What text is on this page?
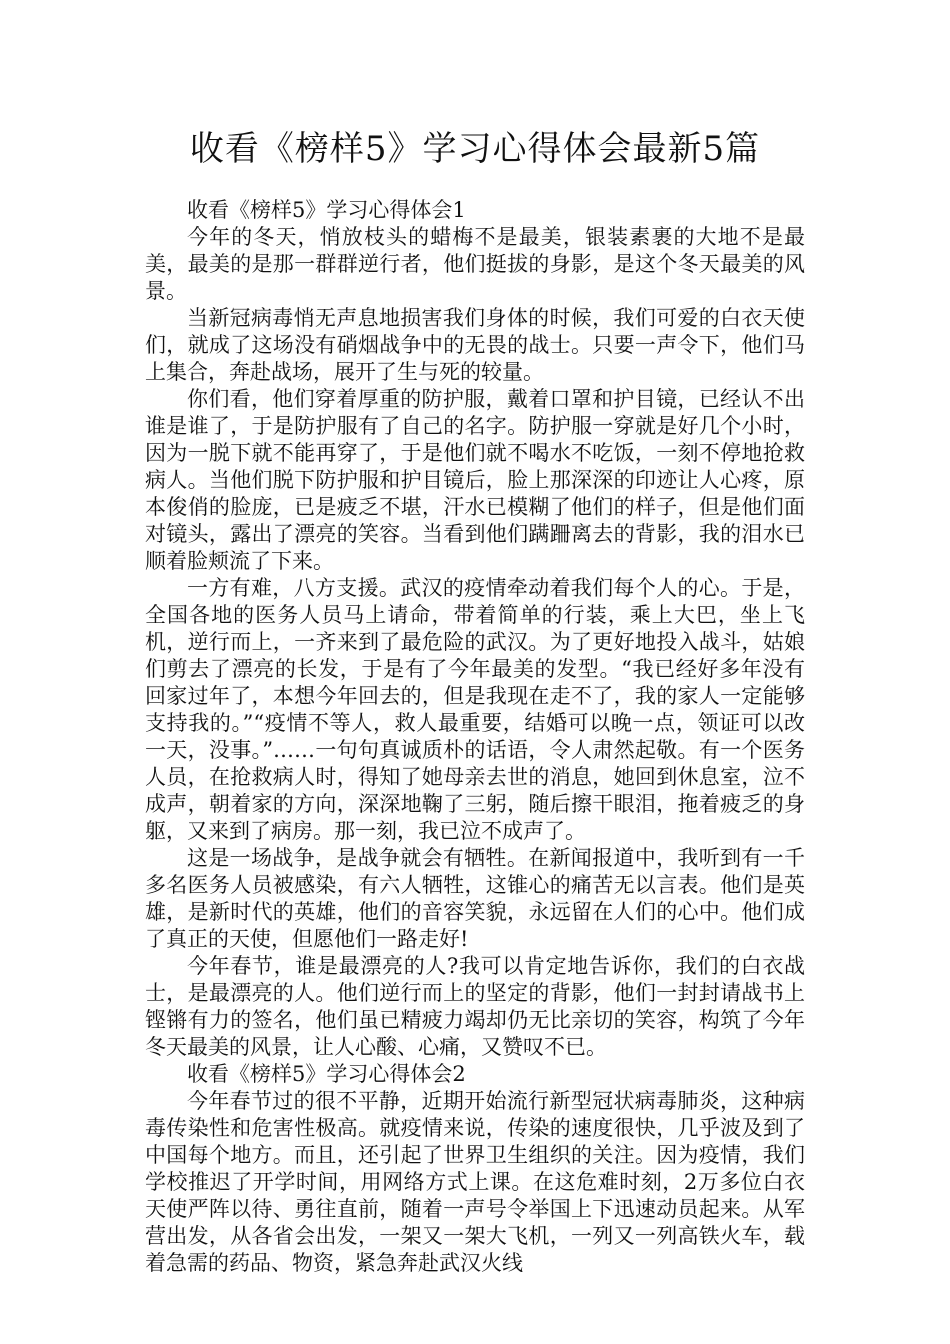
收看《榜样5》学习心得体会最新5篇

收看《榜样5》学习心得体会1

今年的冬天，悄放枝头的蜡梅不是最美，银装素裹的大地不是最美，最美的是那一群群逆行者，他们挺拔的身影，是这个冬天最美的风景。

当新冠病毒悄无声息地损害我们身体的时候，我们可爱的白衣天使们，就成了这场没有硝烟战争中的无畏的战士。只要一声令下，他们马上集合，奔赴战场，展开了生与死的较量。

你们看，他们穿着厚重的防护服，戴着口罩和护目镜，已经认不出谁是谁了，于是防护服有了自己的名字。防护服一穿就是好几个小时，因为一脱下就不能再穿了，于是他们就不喝水不吃饭，一刻不停地抢救病人。当他们脱下防护服和护目镜后，脸上那深深的印迹让人心疼，原本俊俏的脸庞，已是疲乏不堪，汗水已模糊了他们的样子，但是他们面对镜头，露出了漂亮的笑容。当看到他们蹒跚离去的背影，我的泪水已顺着脸颊流了下来。

一方有难，八方支援。武汉的疫情牵动着我们每个人的心。于是，全国各地的医务人员马上请命，带着简单的行装，乘上大巴，坐上飞机，逆行而上，一齐来到了最危险的武汉。为了更好地投入战斗，姑娘们剪去了漂亮的长发，于是有了今年最美的发型。“我已经好多年没有回家过年了，本想今年回去的，但是我现在走不了，我的家人一定能够支持我的。”“疫情不等人，救人最重要，结婚可以晚一点，领证可以改一天，没事。”……一句句真诚质朴的话语，令人肃然起敬。有一个医务人员，在抢救病人时，得知了她母亲去世的消息，她回到休息室，泣不成声，朝着家的方向，深深地鞠了三躬，随后擦干眼泪，拖着疲乏的身躯，又来到了病房。那一刻，我已泣不成声了。

这是一场战争，是战争就会有牺牲。在新闻报道中，我听到有一千多名医务人员被感染，有六人牺牲，这锥心的痛苦无以言表。他们是英雄，是新时代的英雄，他们的音容笑貌，永远留在人们的心中。他们成了真正的天使，但愿他们一路走好!

今年春节，谁是最漂亮的人?我可以肯定地告诉你，我们的白衣战士，是最漂亮的人。他们逆行而上的坚定的背影，他们一封封请战书上铿锵有力的签名，他们虽已精疲力竭却仍无比亲切的笑容，构筑了今年冬天最美的风景，让人心酸、心痛，又赞叹不已。

收看《榜样5》学习心得体会2

今年春节过的很不平静，近期开始流行新型冠状病毒肺炎，这种病毒传染性和危害性极高。就疫情来说，传染的速度很快，几乎波及到了中国每个地方。而且，还引起了世界卫生组织的关注。因为疫情，我们学校推迟了开学时间，用网络方式上课。在这危难时刻，2万多位白衣天使严阵以待、勇往直前，随着一声号令举国上下迅速动员起来。从军营出发，从各省会出发，一架又一架大飞机，一列又一列高铁火车，载着急需的药品、物资，紧急奔赴武汉火线
